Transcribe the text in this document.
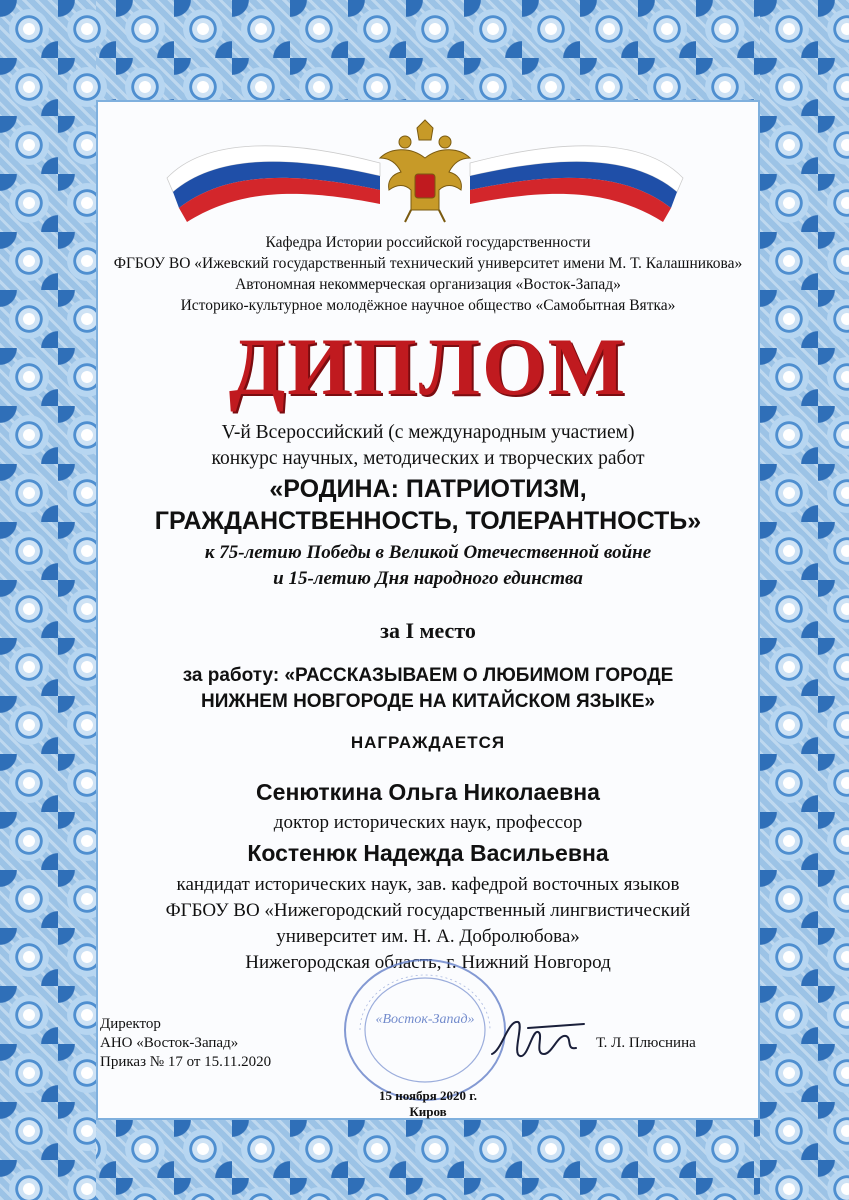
Кафедра Истории российской государственности

ФГБОУ ВО «Ижевский государственный технический университет имени М. Т. Калашникова»

Автономная некоммерческая организация «Восток-Запад»

Историко-культурное молодёжное научное общество «Самобытная Вятка»

ДИПЛОМ

V-й Всероссийский (с международным участием)

конкурс научных, методических и творческих работ

«РОДИНА: ПАТРИОТИЗМ,

ГРАЖДАНСТВЕННОСТЬ, ТОЛЕРАНТНОСТЬ»

к 75-летию Победы в Великой Отечественной войне

и 15-летию Дня народного единства

за I место

за работу: «РАССКАЗЫВАЕМ О ЛЮБИМОМ ГОРОДЕ

НИЖНЕМ НОВГОРОДЕ НА КИТАЙСКОМ ЯЗЫКЕ»

НАГРАЖДАЕТСЯ

Сенюткина Ольга Николаевна

доктор исторических наук, профессор

Костенюк Надежда Васильевна

кандидат исторических наук, зав. кафедрой восточных языков

ФГБОУ ВО «Нижегородский государственный лингвистический

университет им. Н. А. Добролюбова»

Нижегородская область, г. Нижний Новгород

«Восток-Запад»
Директор
АНО «Восток-Запад»
Приказ № 17 от 15.11.2020
Т. Л. Плюснина

15 ноября 2020 г.

Киров
